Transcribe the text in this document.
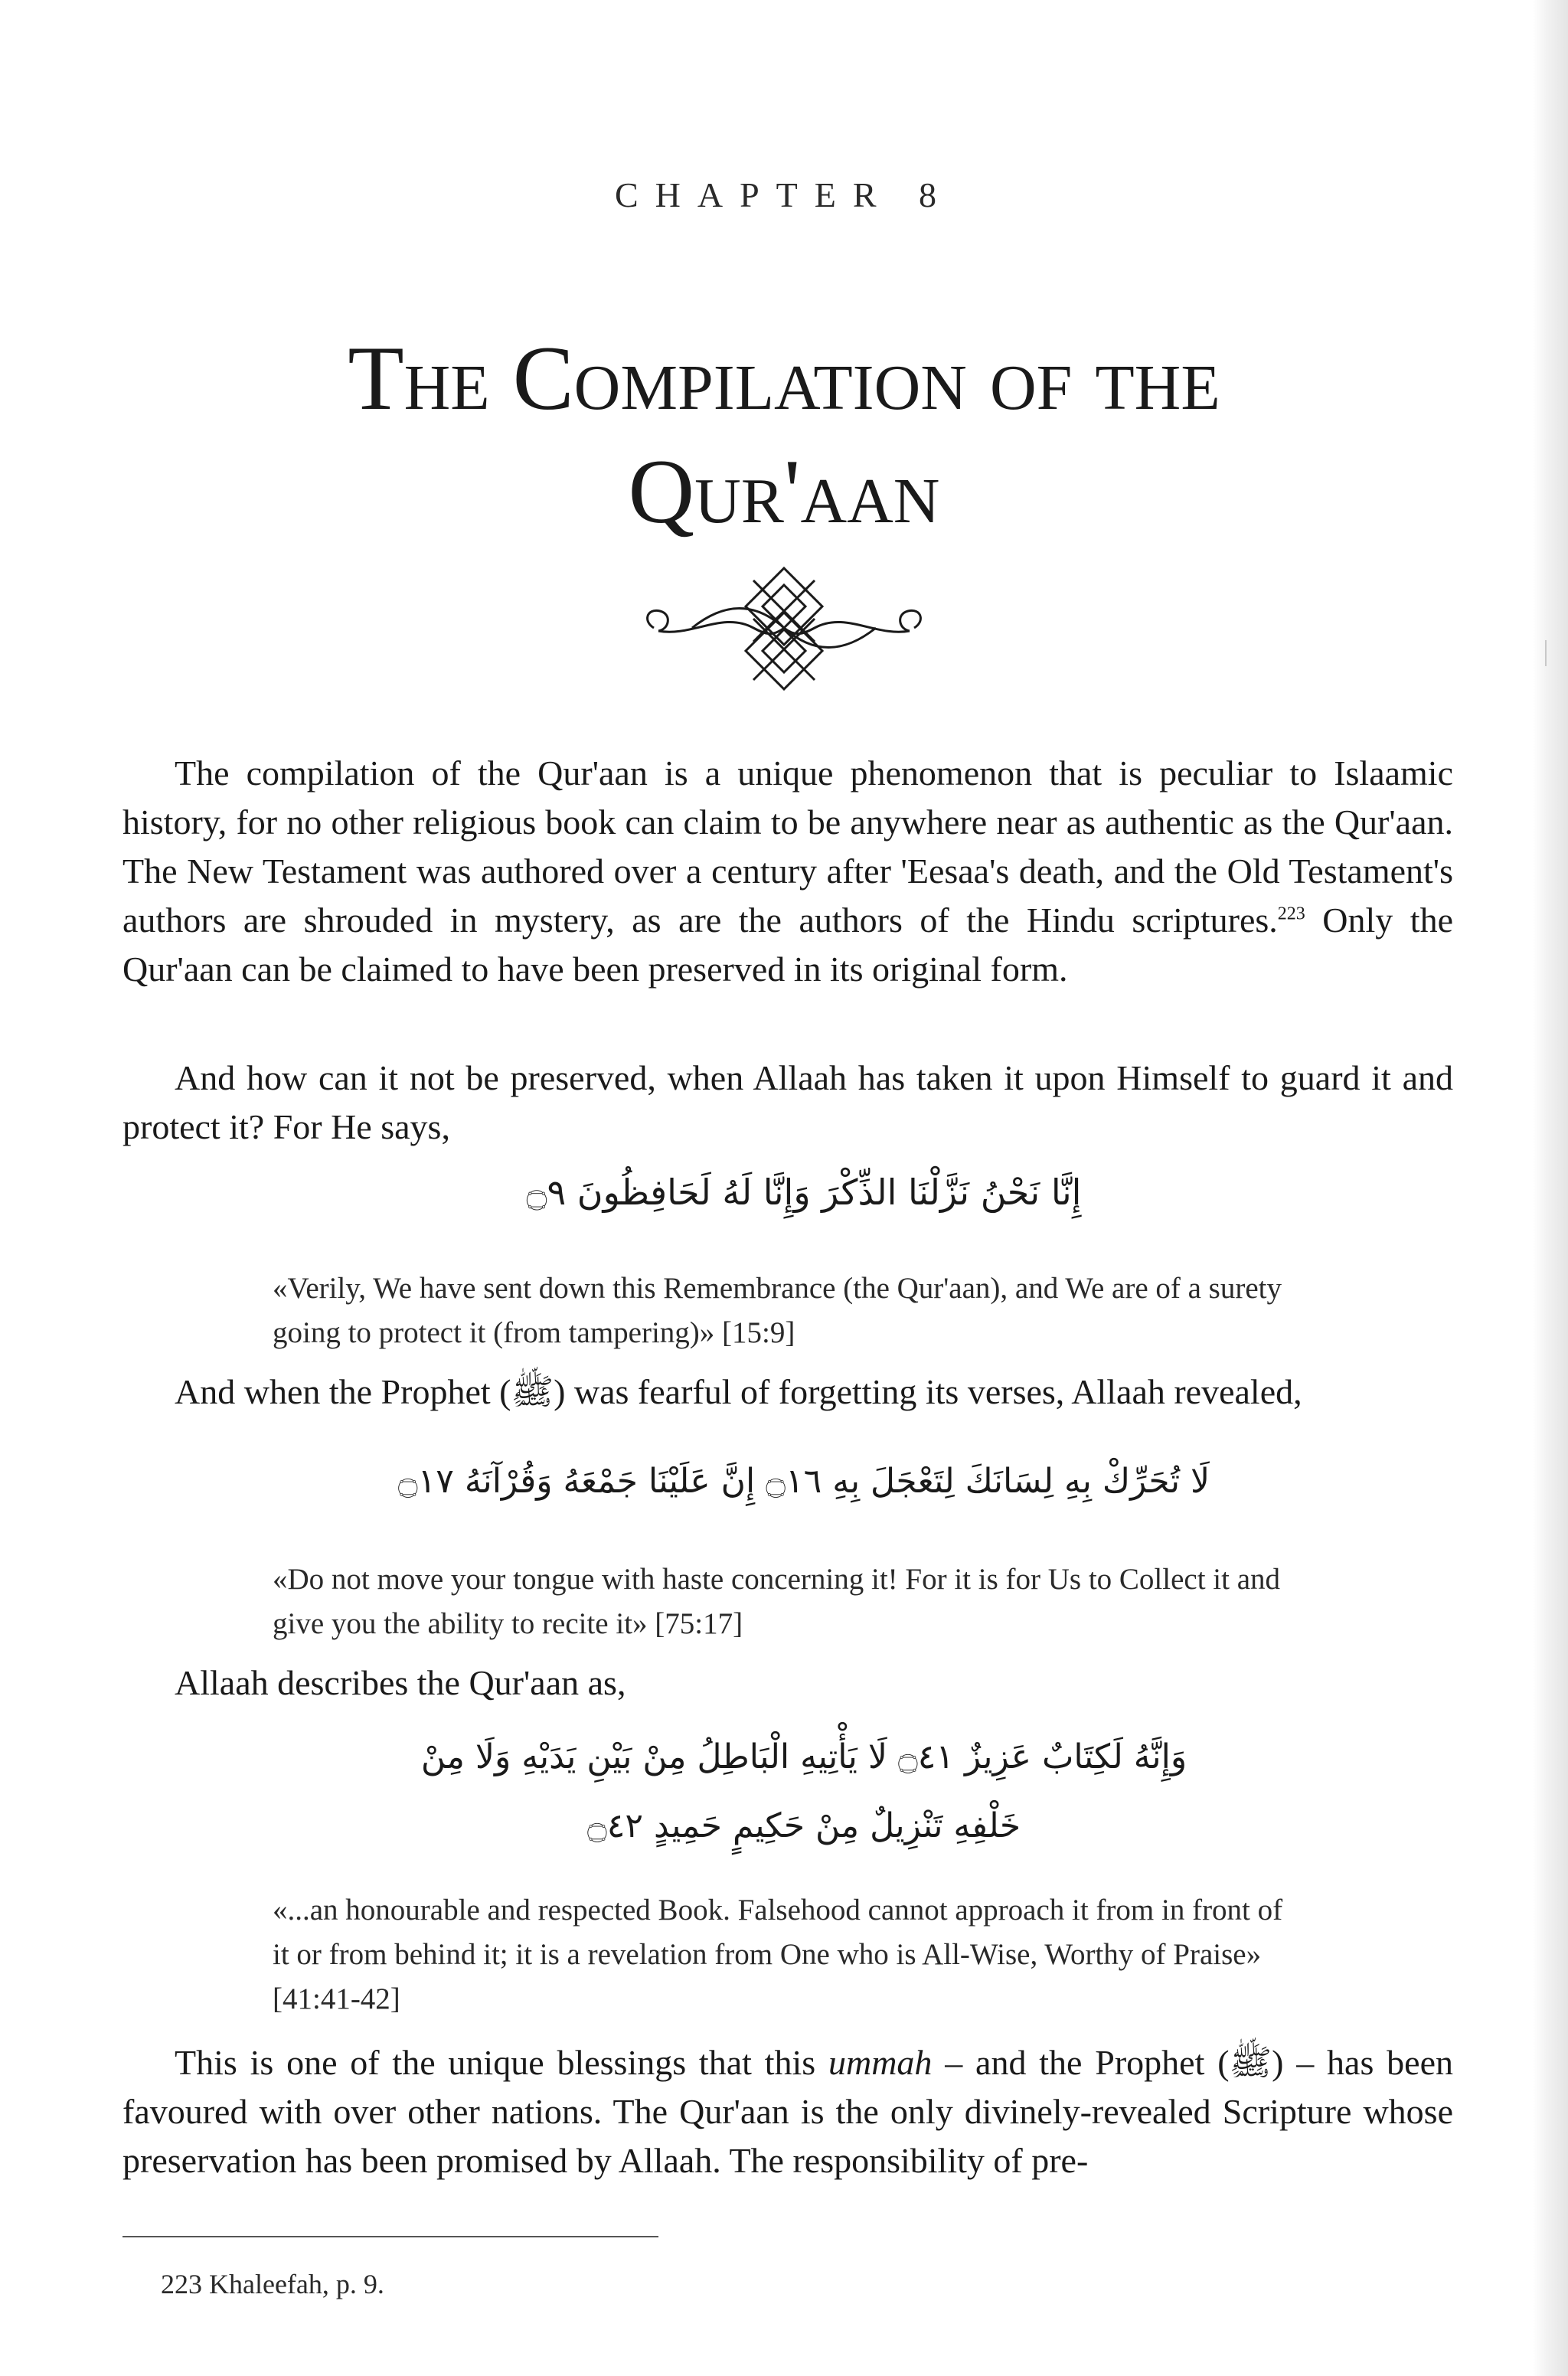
CHAPTER 8
The Compilation of the
Qur'aan

The compilation of the Qur'aan is a unique phenomenon that is peculiar to Islaamic history, for no other religious book can claim to be anywhere near as authentic as the Qur'aan. The New Testament was authored over a century after 'Eesaa's death, and the Old Testament's authors are shrouded in mystery, as are the authors of the Hindu scriptures.$^{223}$ Only the Qur'aan can be claimed to have been preserved in its original form.

And how can it not be preserved, when Allaah has taken it upon Himself to guard it and protect it? For He says,

إِنَّا نَحْنُ نَزَّلْنَا الذِّكْرَ وَإِنَّا لَهُ لَحَافِظُونَ ۝٩

«Verily, We have sent down this Remembrance (the Qur'aan), and We are of a surety going to protect it (from tampering)» [15:9]

And when the Prophet (ﷺ) was fearful of forgetting its verses, Allaah revealed,

لَا تُحَرِّكْ بِهِ لِسَانَكَ لِتَعْجَلَ بِهِ ۝١٦ إِنَّ عَلَيْنَا جَمْعَهُ وَقُرْآنَهُ ۝١٧

«Do not move your tongue with haste concerning it! For it is for Us to Collect it and give you the ability to recite it» [75:17]

Allaah describes the Qur'aan as,

وَإِنَّهُ لَكِتَابٌ عَزِيزٌ ۝٤١ لَا يَأْتِيهِ الْبَاطِلُ مِنْ بَيْنِ يَدَيْهِ وَلَا مِنْ
خَلْفِهِ تَنْزِيلٌ مِنْ حَكِيمٍ حَمِيدٍ ۝٤٢

«...an honourable and respected Book. Falsehood cannot approach it from in front of it or from behind it; it is a revelation from One who is All-Wise, Worthy of Praise» [41:41-42]

This is one of the unique blessings that this ummah – and the Prophet (ﷺ) – has been favoured with over other nations. The Qur'aan is the only divinely-revealed Scripture whose preservation has been promised by Allaah. The responsibility of pre-

223 Khaleefah, p. 9.
